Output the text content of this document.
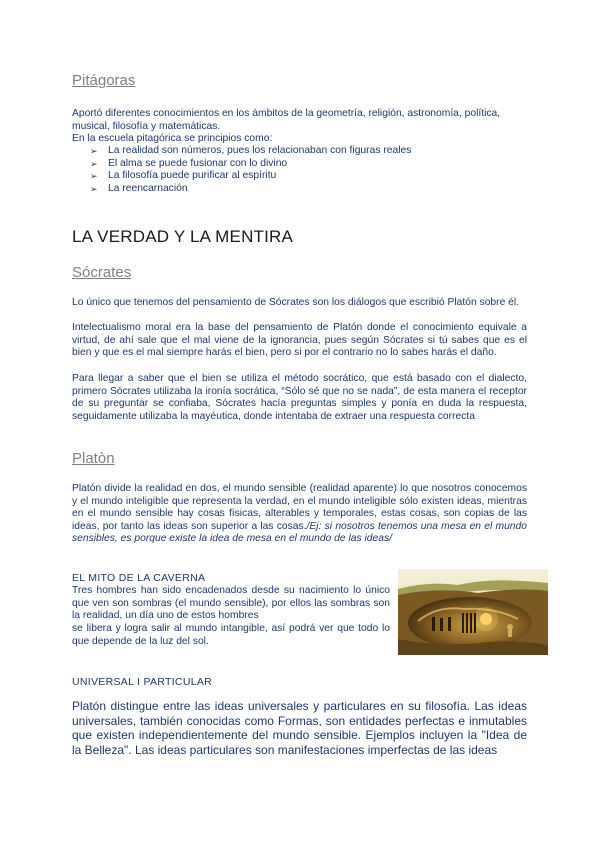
Pitágoras
Aportó diferentes conocimientos en los ámbitos de la geometría, religión, astronomía, política, musical, filosofía y matemáticas.
En la escuela pitagórica se principios como:
➢ La realidad son números, pues los relacionaban con figuras reales
➢ El alma se puede fusionar con lo divino
➢ La filosofía puede purificar al espíritu
➢ La reencarnación
LA VERDAD Y LA MENTIRA
Sócrates
Lo único que tenemos del pensamiento de Sócrates son los diálogos que escribió Platón sobre él.
Intelectualismo moral era la base del pensamiento de Platón donde el conocimiento equivale a virtud, de ahí sale que el mal viene de la ignorancia, pues según Sócrates si tú sabes que es el bien y que es el mal siempre harás el bien, pero si por el contrario no lo sabes harás el daño.
Para llegar a saber que el bien se utiliza el método socrático, que está basado con el dialecto, primero Sócrates utilizaba la ironía socrática, “Sólo sé que no se nada”, de esta manera el receptor de su preguntar se confiaba, Sócrates hacía preguntas simples y ponía en duda la respuesta, seguidamente utilizaba la mayéutica, donde intentaba de extraer una respuesta correcta
Platòn
Platón divide la realidad en dos, el mundo sensible (realidad aparente) lo que nosotros conocemos y el mundo inteligible que representa la verdad, en el mundo inteligible sólo existen ideas, mientras en el mundo sensible hay cosas físicas, alterables y temporales, estas cosas, son copias de las ideas, por tanto las ideas son superior a las cosas./Ej: si nosotros tenemos una mesa en el mundo sensibles, es porque existe la idea de mesa en el mundo de las ideas/
EL MITO DE LA CAVERNA
Tres hombres han sido encadenados desde su nacimiento lo único que ven son sombras (el mundo sensible), por ellos las sombras son la realidad, un día uno de estos hombres
se libera y logra salir al mundo intangible, así podrá ver que todo lo que depende de la luz del sol.
UNIVERSAL I PARTICULAR
Platón distingue entre las ideas universales y particulares en su filosofía. Las ideas universales, también conocidas como Formas, son entidades perfectas e inmutables que existen independientemente del mundo sensible. Ejemplos incluyen la "Idea de la Belleza". Las ideas particulares son manifestaciones imperfectas de las ideas
